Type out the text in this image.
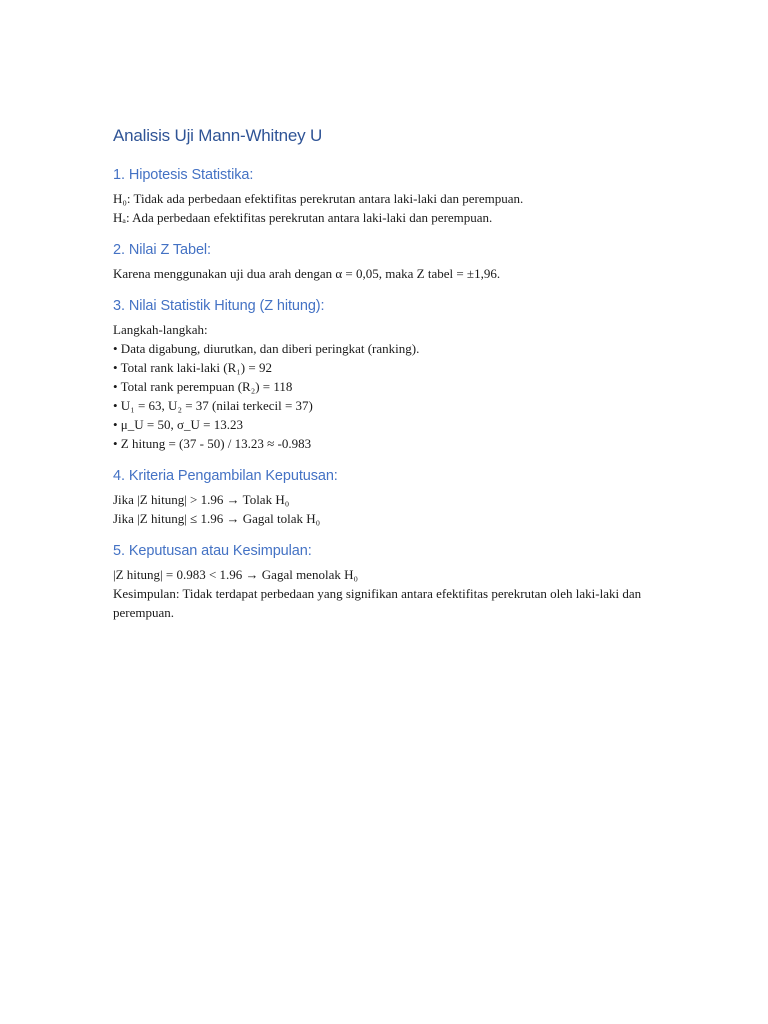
Analisis Uji Mann-Whitney U
1. Hipotesis Statistika:

H₀: Tidak ada perbedaan efektifitas perekrutan antara laki-laki dan perempuan.

Hₐ: Ada perbedaan efektifitas perekrutan antara laki-laki dan perempuan.

2. Nilai Z Tabel:

Karena menggunakan uji dua arah dengan α = 0,05, maka Z tabel = ±1,96.

3. Nilai Statistik Hitung (Z hitung):

Langkah-langkah:

• Data digabung, diurutkan, dan diberi peringkat (ranking).

• Total rank laki-laki (R₁) = 92

• Total rank perempuan (R₂) = 118

• U₁ = 63, U₂ = 37 (nilai terkecil = 37)

• μ_U = 50, σ_U = 13.23

• Z hitung = (37 - 50) / 13.23 ≈ -0.983

4. Kriteria Pengambilan Keputusan:

Jika |Z hitung| > 1.96 → Tolak H₀

Jika |Z hitung| ≤ 1.96 → Gagal tolak H₀

5. Keputusan atau Kesimpulan:

|Z hitung| = 0.983 < 1.96 → Gagal menolak H₀

Kesimpulan: Tidak terdapat perbedaan yang signifikan antara efektifitas perekrutan oleh laki-laki dan perempuan.
